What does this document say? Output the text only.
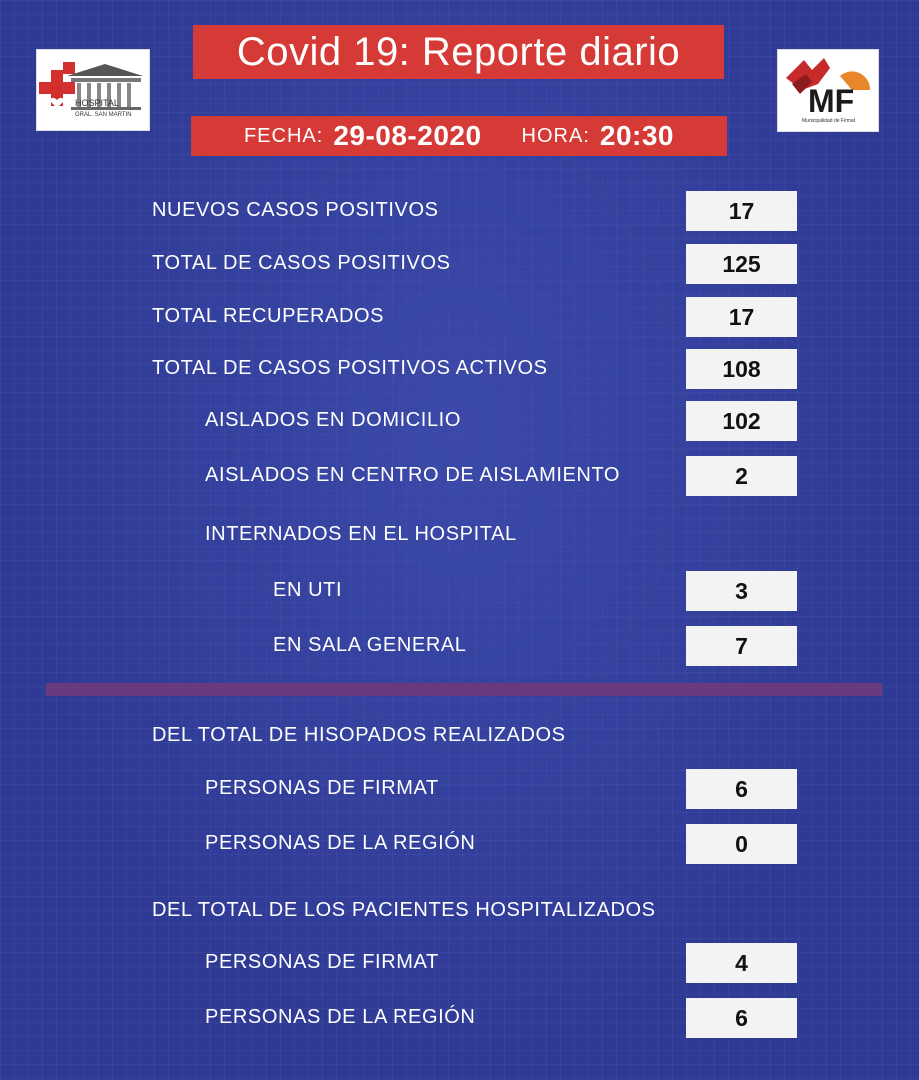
Covid 19: Reporte diario
FECHA: 29-08-2020 HORA: 20:30
HOSPITAL
GRAL. SAN MARTIN	MF
Municipalidad de Firmat
NUEVOS CASOS POSITIVOS	17
TOTAL DE CASOS POSITIVOS	125
TOTAL RECUPERADOS	17
TOTAL DE CASOS POSITIVOS ACTIVOS	108
AISLADOS EN DOMICILIO	102
AISLADOS EN CENTRO DE AISLAMIENTO	2
INTERNADOS EN EL HOSPITAL
EN UTI	3
EN SALA GENERAL	7
DEL TOTAL DE HISOPADOS REALIZADOS
PERSONAS DE FIRMAT	6
PERSONAS DE LA REGIÓN	0
DEL TOTAL DE LOS PACIENTES HOSPITALIZADOS
PERSONAS DE FIRMAT	4
PERSONAS DE LA REGIÓN	6
